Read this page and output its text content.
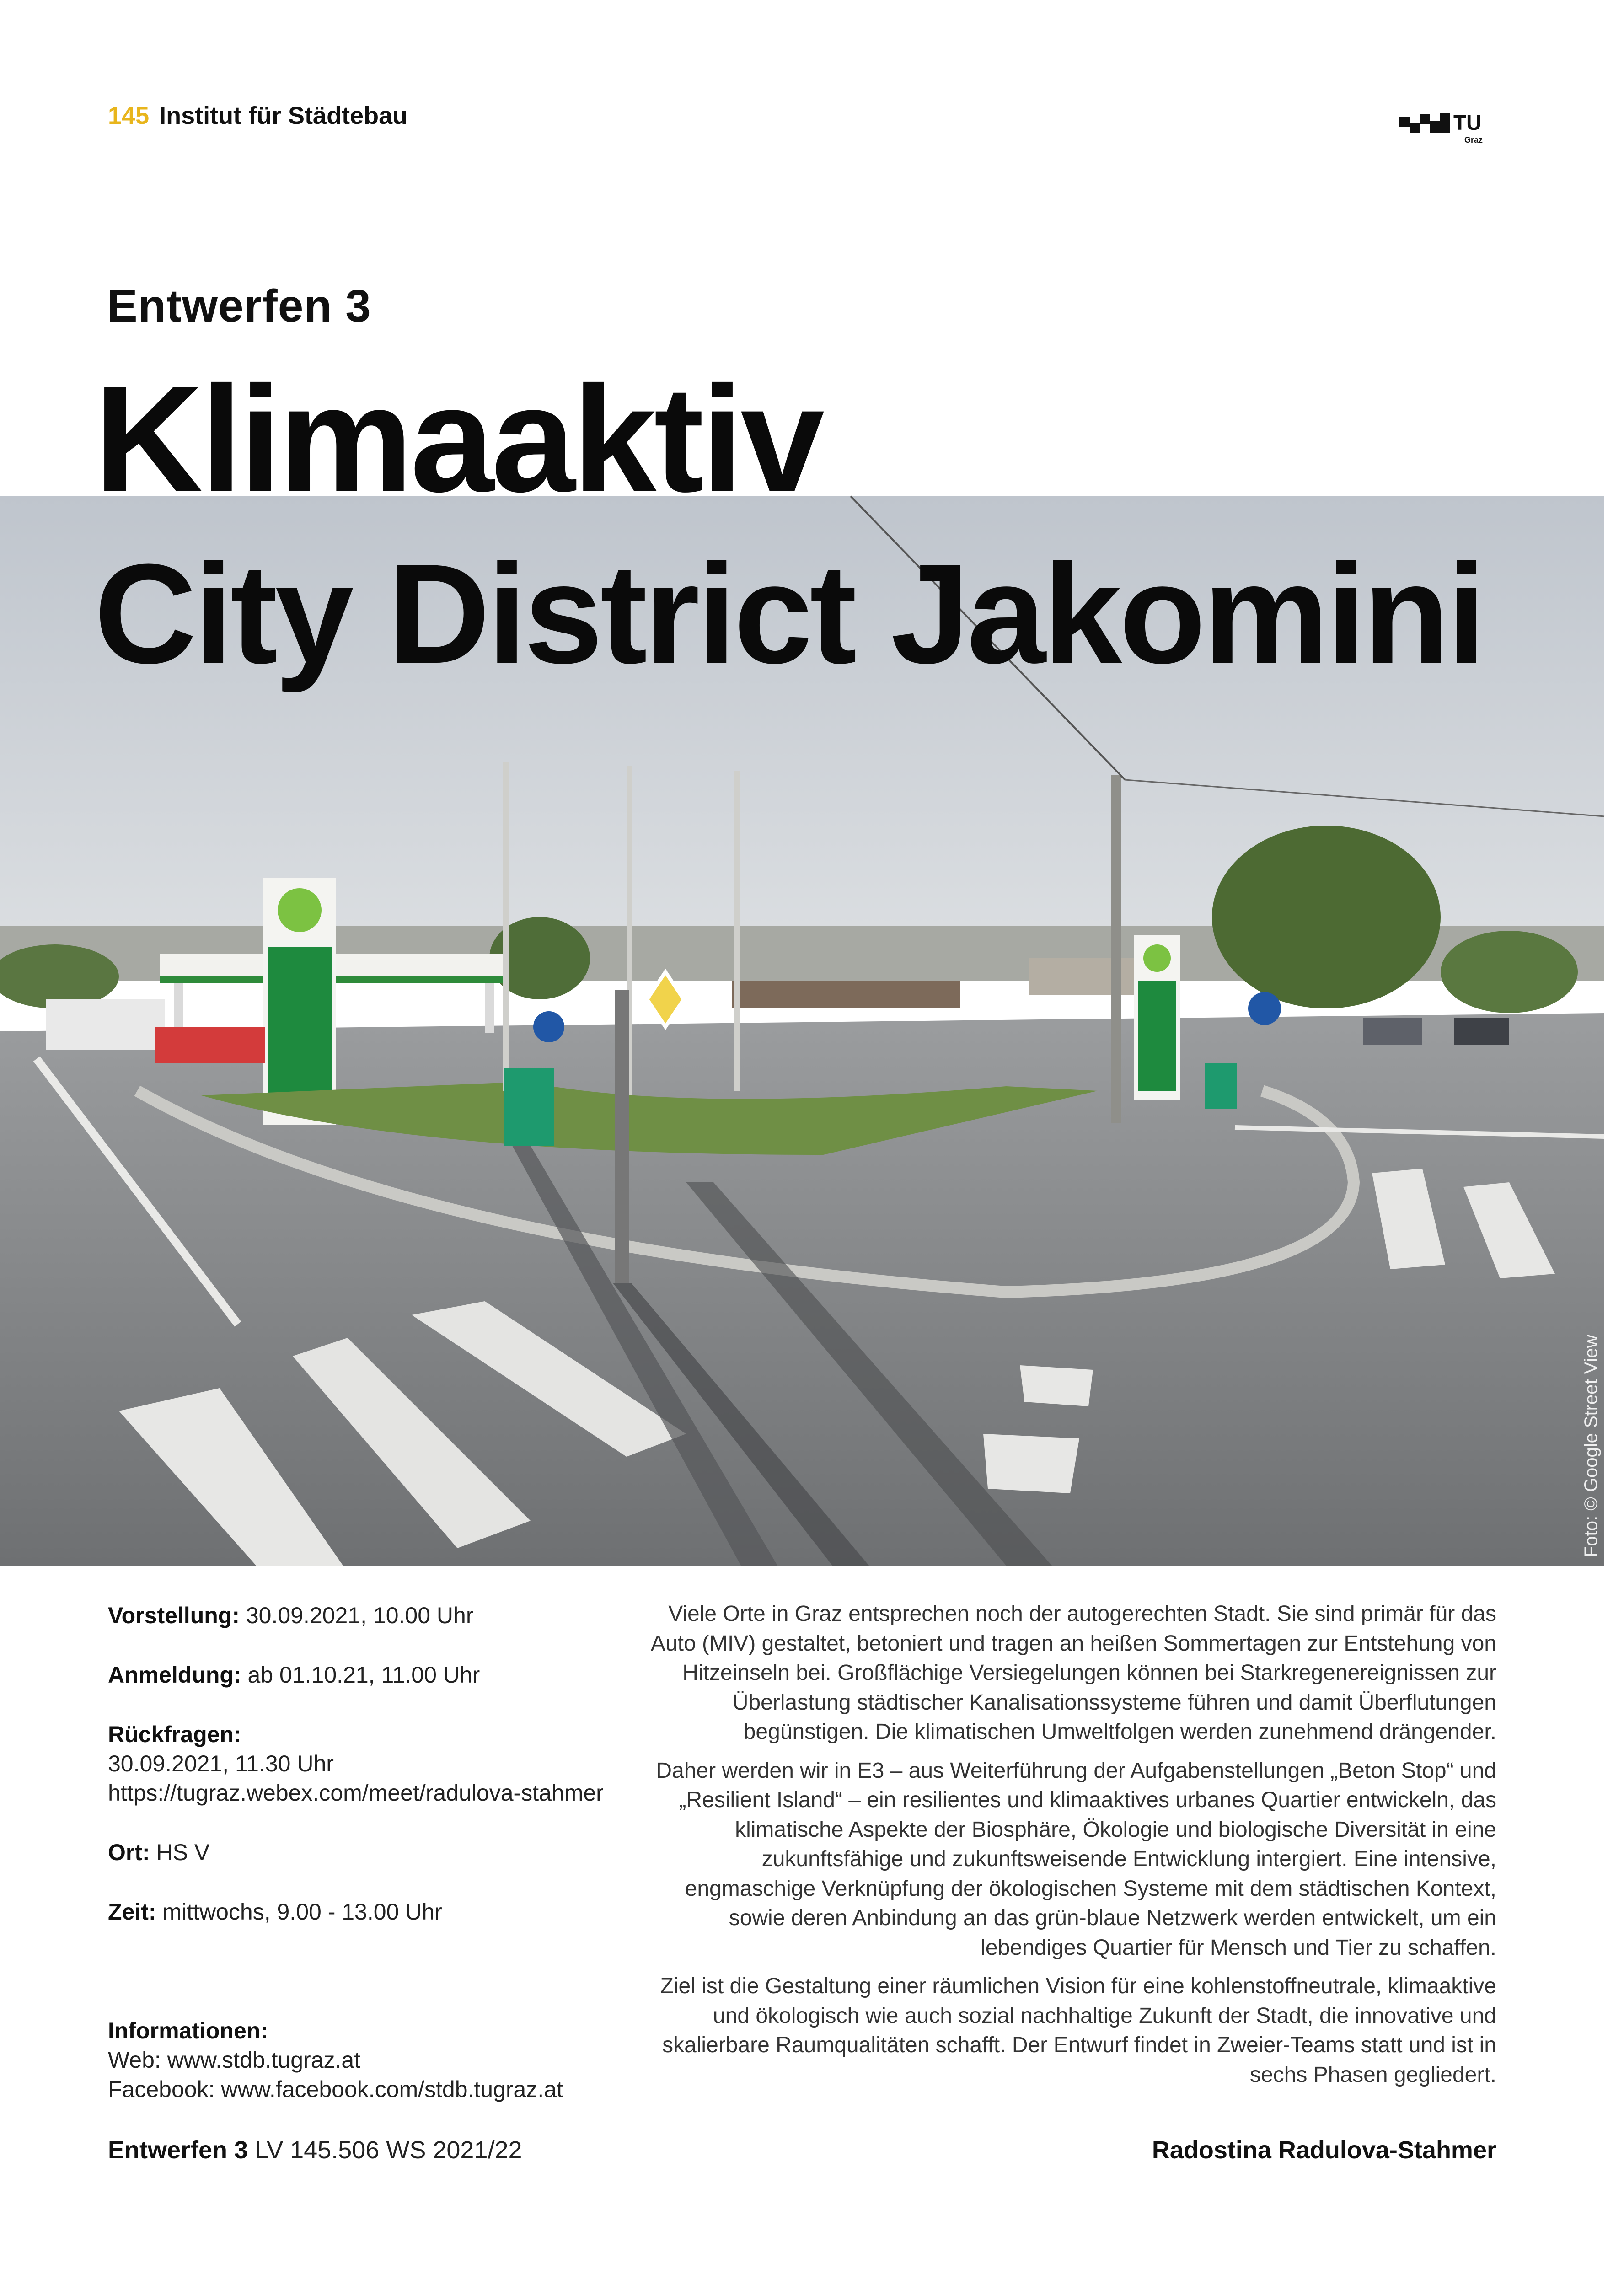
145 Institut für Städtebau	TU
Graz
Entwerfen 3
Klimaaktiv
City District Jakomini
Foto: © Google Street View Impressum: TU Graz/Institut für Städtebau, Eigendruck, Graz
Vorstellung: 30.09.2021, 10.00 Uhr
Anmeldung: ab 01.10.21, 11.00 Uhr
Rückfragen:
30.09.2021, 11.30 Uhr
https://tugraz.webex.com/meet/radulova-stahmer
Ort: HS V
Zeit: mittwochs, 9.00 - 13.00 Uhr
Informationen:
Web: www.stdb.tugraz.at
Facebook: www.facebook.com/stdb.tugraz.at

Viele Orte in Graz entsprechen noch der autogerechten Stadt. Sie sind primär für das Auto (MIV) gestaltet, betoniert und tragen an heißen Sommertagen zur Entstehung von Hitzeinseln bei. Großflächige Versiegelungen können bei Starkregenereignissen zur Überlastung städtischer Kanalisationssysteme führen und damit Überflutungen begünstigen. Die klimatischen Umweltfolgen werden zunehmend drängender.

Daher werden wir in E3 – aus Weiterführung der Aufgabenstellungen „Beton Stop“ und „Resilient Island“ – ein resilientes und klimaaktives urbanes Quartier entwickeln, das klimatische Aspekte der Biosphäre, Ökologie und biologische Diversität in eine zukunftsfähige und zukunftsweisende Entwicklung intergiert. Eine intensive, engmaschige Verknüpfung der ökologischen Systeme mit dem städtischen Kontext, sowie deren Anbindung an das grün-blaue Netzwerk werden entwickelt, um ein lebendiges Quartier für Mensch und Tier zu schaffen.

Ziel ist die Gestaltung einer räumlichen Vision für eine kohlenstoffneutrale, klimaaktive und ökologisch wie auch sozial nachhaltige Zukunft der Stadt, die innovative und skalierbare Raumqualitäten schafft. Der Entwurf findet in Zweier-Teams statt und ist in sechs Phasen gegliedert.

Entwerfen 3 LV 145.506 WS 2021/22	Radostina Radulova-Stahmer
